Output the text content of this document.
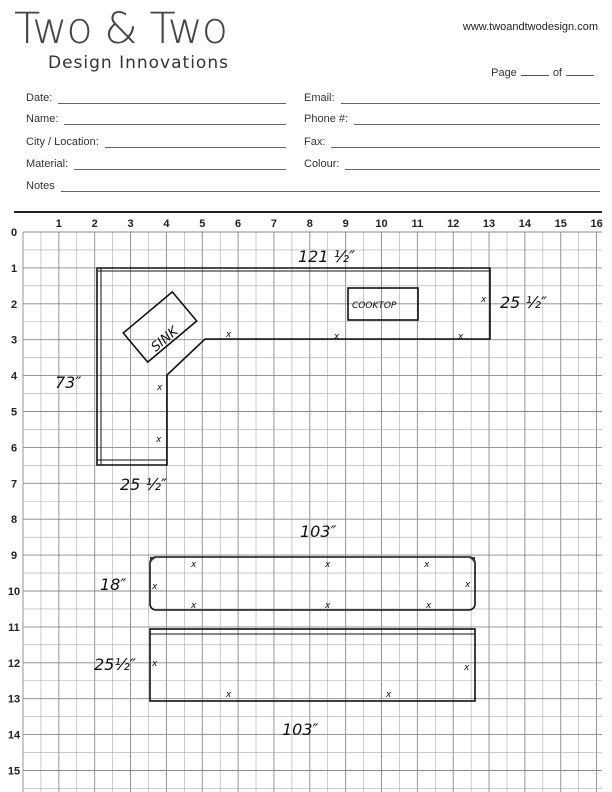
Two & Two
Design Innovations
www.twoandtwodesign.com
Page	of
Date:
Name:
City / Location:
Material:
Notes
Email:
Phone #:
Fax:
Colour:
1	2	3	4	5	6	7	8	9 10 11 12 13 14 15 16
0
1
2
3
4
5
6
7
8
9
10
11
12
13
14
15
x	x	x
x
x
x
x	x	x
x	x
x	x	x
x	x
x	x
121 ½″
25 ½″
73″
25 ½″
103″
18″
25½″
103″
SINK
COOKTOP
